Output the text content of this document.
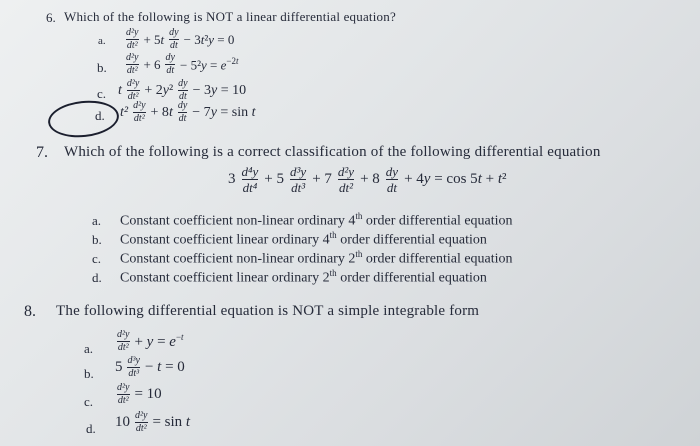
6. Which of the following is NOT a linear differential equation?
a. $\frac{\text{d²y}}{\text{dt²}} + 5t \frac{dy}{dt} - 3t^2y = 0$
b. $\frac{\text{d²y}}{\text{dt²}} + 6 \frac{dy}{dt} - 5^2y = e^{-2t}$
c. t $\frac{\text{d²y}}{\text{dt²}} + 2y^2 \frac{dy}{dt} - 3y = 10$
d. $t^2 \frac{\text{d²y}}{\text{dt²}} + 8t \frac{dy}{dt} - 7y = \sin t$
7. Which of the following is a correct classification of the following differential equation
$3 \frac{\text{d⁴y}}{\text{dt⁴}} + 5 \frac{\text{d³y}}{\text{dt³}} + 7 \frac{\text{d²y}}{\text{dt²}} + 8 \frac{dy}{dt} + 4y = \cos 5t + t^2$
a. Constant coefficient non-linear ordinary 4th order differential equation
b. Constant coefficient linear ordinary 4th order differential equation
c. Constant coefficient non-linear ordinary 2th order differential equation
d. Constant coefficient linear ordinary 2th order differential equation
8. The following differential equation is NOT a simple integrable form
a. $\frac{\text{d²y}}{\text{dt²}} + y = e^{-t}$
b. $5 \frac{\text{d³y}}{\text{dt³}} - t = 0$
c. $\frac{\text{d²y}}{\text{dt²}} = 10$
d. $10 \frac{\text{d²y}}{\text{dt²}} = \sin t$
